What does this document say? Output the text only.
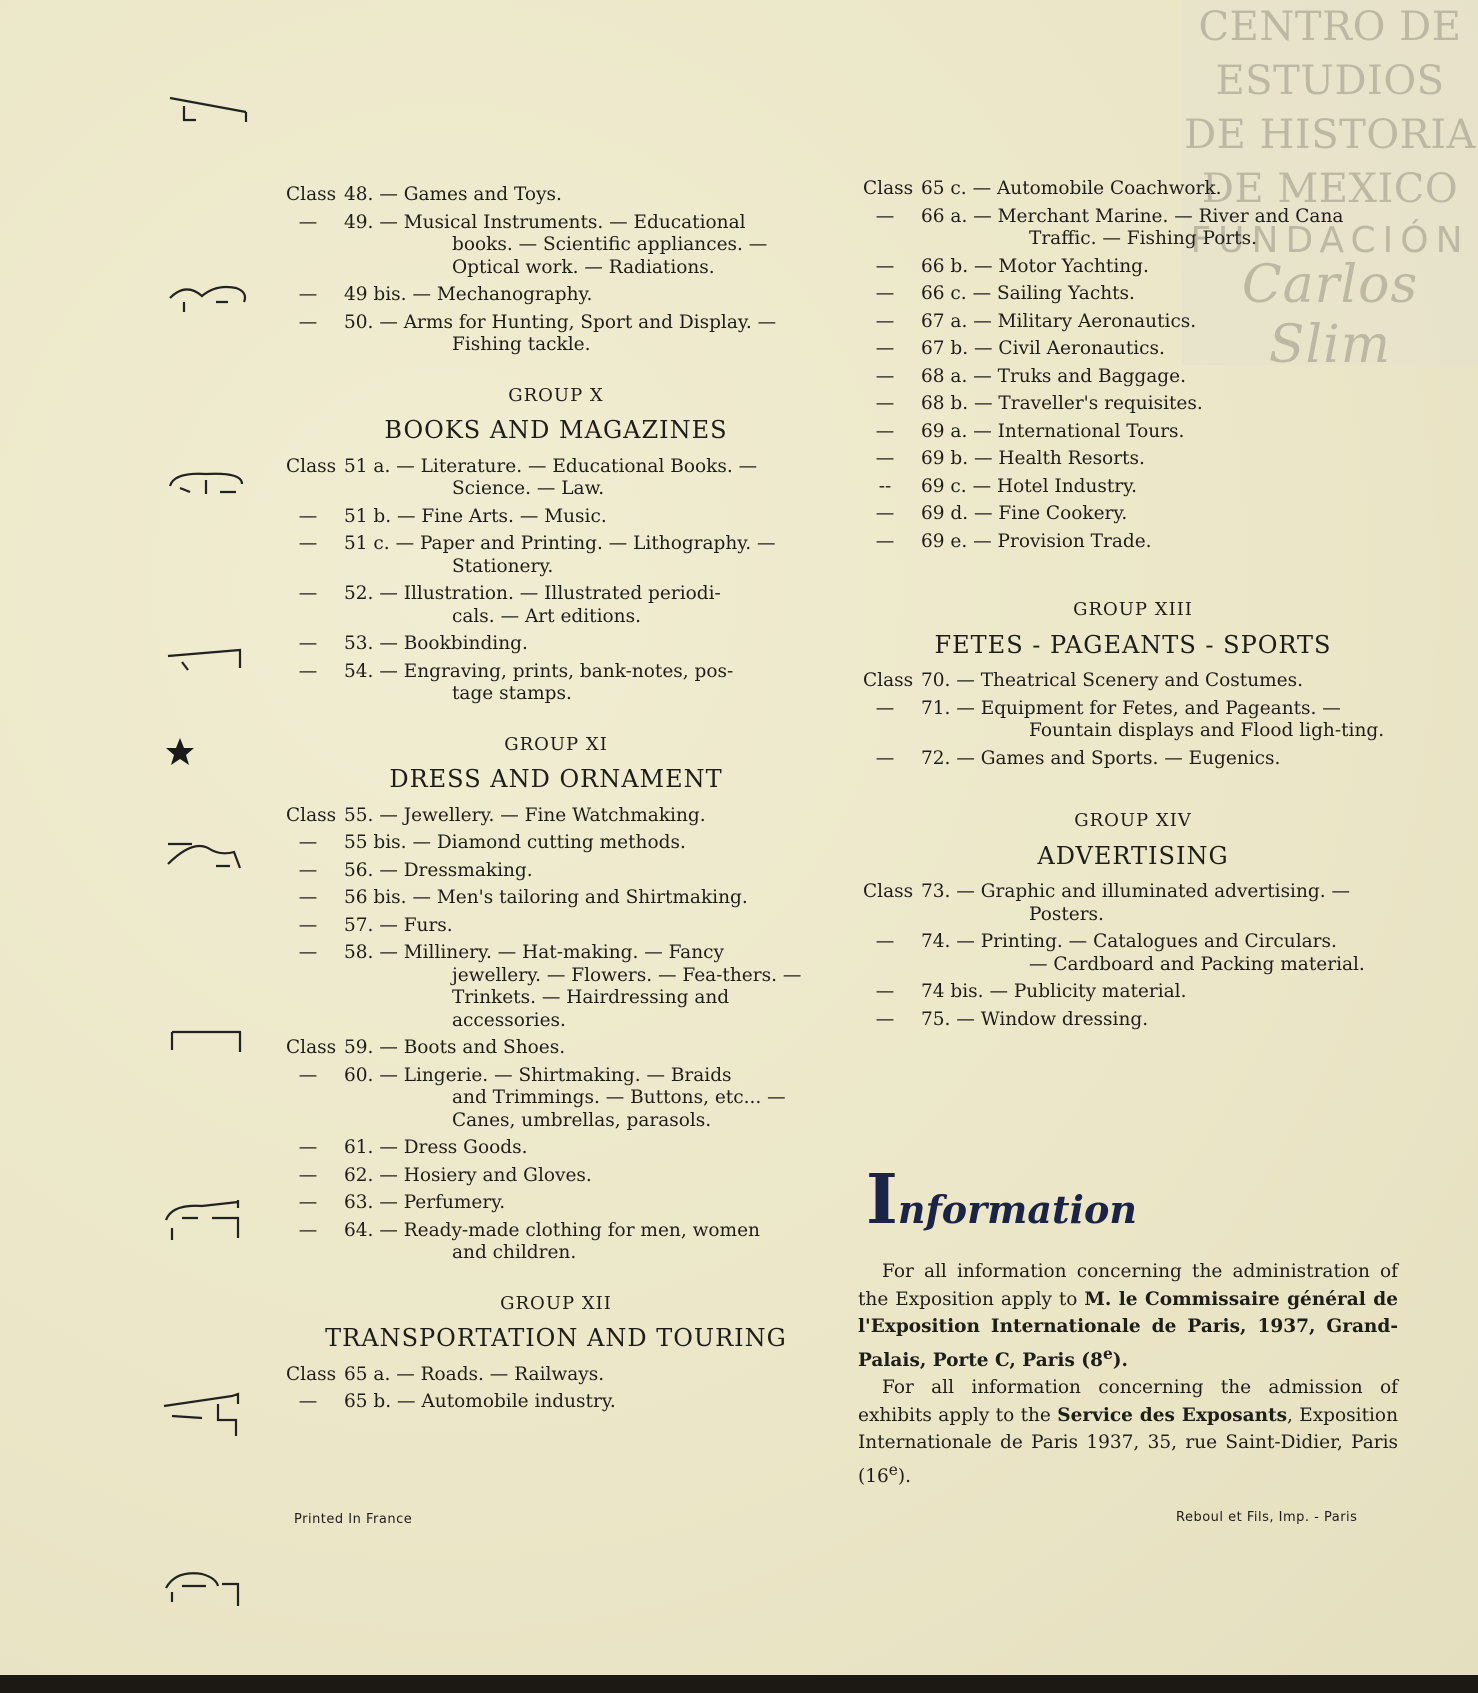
CENTRO DE
ESTUDIOS
DE HISTORIA
DE MEXICO
FUNDACIÓN
Carlos Slim
Class 48. — Games and Toys.
— 49. — Musical Instruments. — Educational
books. — Scientific appliances. — Optical work. — Radiations.
— 49 bis. — Mechanography.
— 50. — Arms for Hunting, Sport and Display. —
Fishing tackle.
GROUP X
BOOKS AND MAGAZINES
Class 51 a. — Literature. — Educational Books. —
Science. — Law.
— 51 b. — Fine Arts. — Music.
— 51 c. — Paper and Printing. — Lithography. —
Stationery.
— 52. — Illustration. — Illustrated periodi-
cals. — Art editions.
— 53. — Bookbinding.
— 54. — Engraving, prints, bank-notes, pos-
tage stamps.
GROUP XI
DRESS AND ORNAMENT
Class 55. — Jewellery. — Fine Watchmaking.
— 55 bis. — Diamond cutting methods.
— 56. — Dressmaking.
— 56 bis. — Men's tailoring and Shirtmaking.
— 57. — Furs.
— 58. — Millinery. — Hat-making. — Fancy
jewellery. — Flowers. — Fea-thers. — Trinkets. — Hairdressing and accessories.
Class 59. — Boots and Shoes.
— 60. — Lingerie. — Shirtmaking. — Braids
and Trimmings. — Buttons, etc... — Canes, umbrellas, parasols.
— 61. — Dress Goods.
— 62. — Hosiery and Gloves.
— 63. — Perfumery.
— 64. — Ready-made clothing for men, women
and children.
GROUP XII
TRANSPORTATION AND TOURING
Class 65 a. — Roads. — Railways.
— 65 b. — Automobile industry.
Class 65 c. — Automobile Coachwork.
— 66 a. — Merchant Marine. — River and Cana
Traffic. — Fishing Ports.
— 66 b. — Motor Yachting.
— 66 c. — Sailing Yachts.
— 67 a. — Military Aeronautics.
— 67 b. — Civil Aeronautics.
— 68 a. — Truks and Baggage.
— 68 b. — Traveller's requisites.
— 69 a. — International Tours.
— 69 b. — Health Resorts.
-- 69 c. — Hotel Industry.
— 69 d. — Fine Cookery.
— 69 e. — Provision Trade.
GROUP XIII
FETES - PAGEANTS - SPORTS
Class 70. — Theatrical Scenery and Costumes.
— 71. — Equipment for Fetes, and Pageants. —
Fountain displays and Flood ligh-ting.
— 72. — Games and Sports. — Eugenics.
GROUP XIV
ADVERTISING
Class 73. — Graphic and illuminated advertising. —
Posters.
— 74. — Printing. — Catalogues and Circulars.
— Cardboard and Packing material.
— 74 bis. — Publicity material.
— 75. — Window dressing.
Information

For all information concerning the administration of the Exposition apply to M. le Commissaire général de l'Exposition Internationale de Paris, 1937, Grand-Palais, Porte C, Paris (8e).

For all information concerning the admission of exhibits apply to the Service des Exposants, Exposition Internationale de Paris 1937, 35, rue Saint-Didier, Paris (16e).

Printed In France	Reboul et Fils, Imp. - Paris
